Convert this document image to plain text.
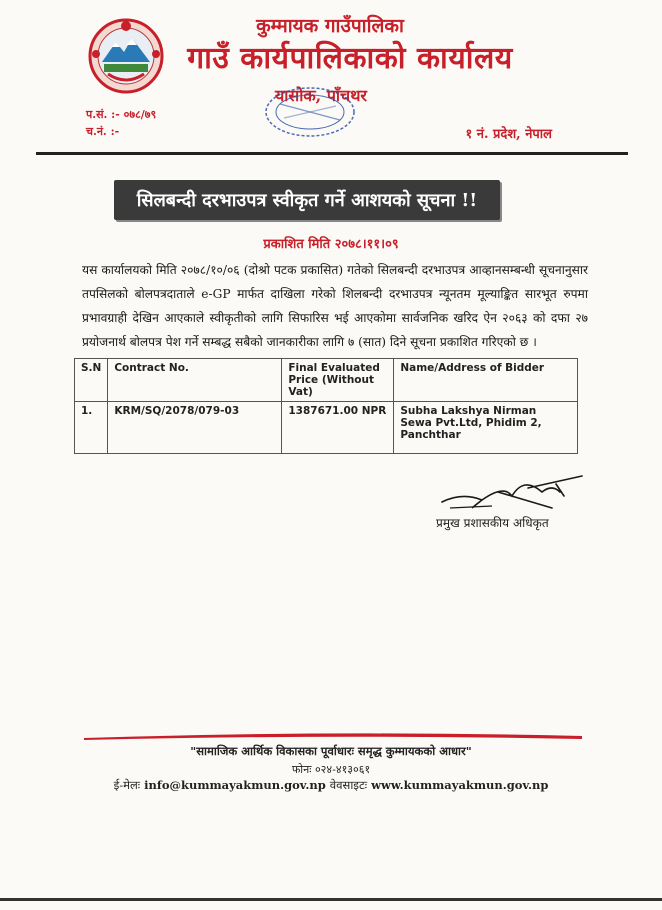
कुम्मायक गाउँपालिका
गाउँ कार्यपालिकाको कार्यालय
यासोक, पाँचथर
प.सं. :- ०७८/७९
च.नं. :-	१ नं. प्रदेश, नेपाल
सिलबन्दी दरभाउपत्र स्वीकृत गर्ने आशयको सूचना !!
प्रकाशित मिति २०७८।११।०९
यस कार्यालयको मिति २०७८/१०/०६ (दोश्रो पटक प्रकासित) गतेको सिलबन्दी दरभाउपत्र आव्हानसम्बन्धी सूचनानुसार तपसिलको बोलपत्रदाताले e-GP मार्फत दाखिला गरेको शिलबन्दी दरभाउपत्र न्यूनतम मूल्याङ्कित सारभूत रुपमा प्रभावग्राही देखिन आएकाले स्वीकृतीको लागि सिफारिस भई आएकोमा सार्वजनिक खरिद ऐन २०६३ को दफा २७ प्रयोजनार्थ बोलपत्र पेश गर्ने सम्बद्ध सबैको जानकारीका लागि ७ (सात) दिने सूचना प्रकाशित गरिएको छ ।
S.N	Contract No.	Final Evaluated Price (Without Vat)	Name/Address of Bidder
1.	KRM/SQ/2078/079-03	1387671.00 NPR	Subha Lakshya Nirman Sewa Pvt.Ltd, Phidim 2, Panchthar
प्रमुख प्रशासकीय अधिकृत
"सामाजिक आर्थिक विकासका पूर्वाधारः समृद्ध कुम्मायकको आधार"
फोनः ०२४-४१३०६१
ई-मेलः info@kummayakmun.gov.np वेवसाइटः www.kummayakmun.gov.np
